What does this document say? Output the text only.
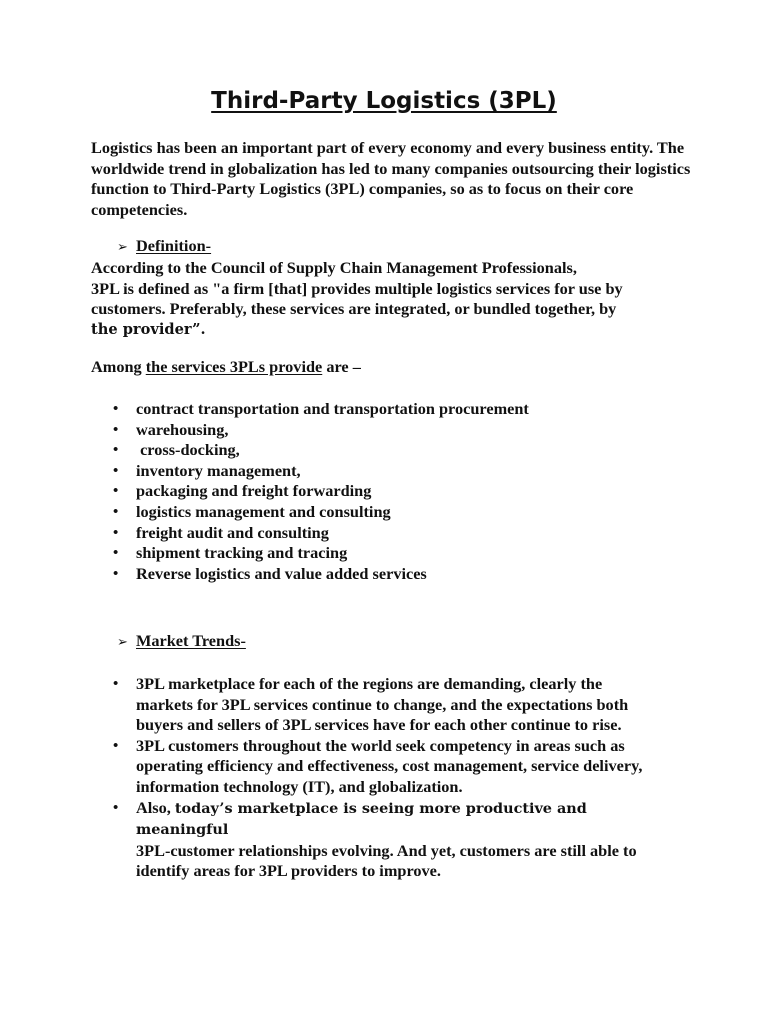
Third-Party Logistics (3PL)

Logistics has been an important part of every economy and every business entity. The worldwide trend in globalization has led to many companies outsourcing their logistics function to Third-Party Logistics (3PL) companies, so as to focus on their core competencies.

➢ Definition-
According to the Council of Supply Chain Management Professionals,
3PL is defined as "a firm [that] provides multiple logistics services for use by customers. Preferably, these services are integrated, or bundled together, by
the provider”.

Among the services 3PLs provide are –

• contract transportation and transportation procurement
• warehousing,
•  cross-docking,
• inventory management,
• packaging and freight forwarding
• logistics management and consulting
• freight audit and consulting
• shipment tracking and tracing
• Reverse logistics and value added services
➢ Market Trends-
• 3PL marketplace for each of the regions are demanding, clearly the markets for 3PL services continue to change, and the expectations both buyers and sellers of 3PL services have for each other continue to rise.
• 3PL customers throughout the world seek competency in areas such as operating efficiency and effectiveness, cost management, service delivery, information technology (IT), and globalization.
• Also, today’s marketplace is seeing more productive and meaningful
3PL-customer relationships evolving. And yet, customers are still able to identify areas for 3PL providers to improve.
